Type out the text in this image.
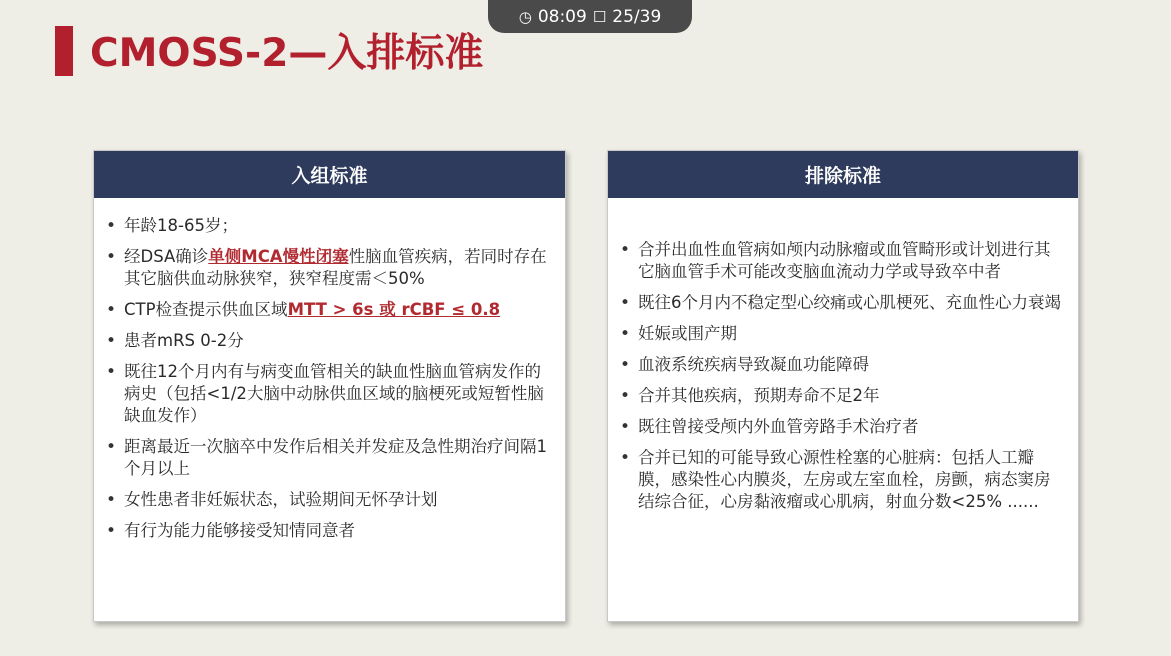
◷ 08:09 ☐ 25/39
CMOSS-2—入排标准
入组标准
• 年龄18-65岁；
• 经DSA确诊单侧MCA慢性闭塞性脑血管疾病，若同时存在其它脑供血动脉狭窄，狭窄程度需＜50%
• CTP检查提示供血区域MTT > 6s 或 rCBF ≤ 0.8
• 患者mRS 0-2分
• 既往12个月内有与病变血管相关的缺血性脑血管病发作的病史（包括<1/2大脑中动脉供血区域的脑梗死或短暂性脑缺血发作）
• 距离最近一次脑卒中发作后相关并发症及急性期治疗间隔1个月以上
• 女性患者非妊娠状态，试验期间无怀孕计划
• 有行为能力能够接受知情同意者
排除标准
• 合并出血性血管病如颅内动脉瘤或血管畸形或计划进行其它脑血管手术可能改变脑血流动力学或导致卒中者
• 既往6个月内不稳定型心绞痛或心肌梗死、充血性心力衰竭
• 妊娠或围产期
• 血液系统疾病导致凝血功能障碍
• 合并其他疾病，预期寿命不足2年
• 既往曾接受颅内外血管旁路手术治疗者
• 合并已知的可能导致心源性栓塞的心脏病：包括人工瓣膜，感染性心内膜炎，左房或左室血栓，房颤，病态窦房结综合征，心房黏液瘤或心肌病，射血分数<25% ......
